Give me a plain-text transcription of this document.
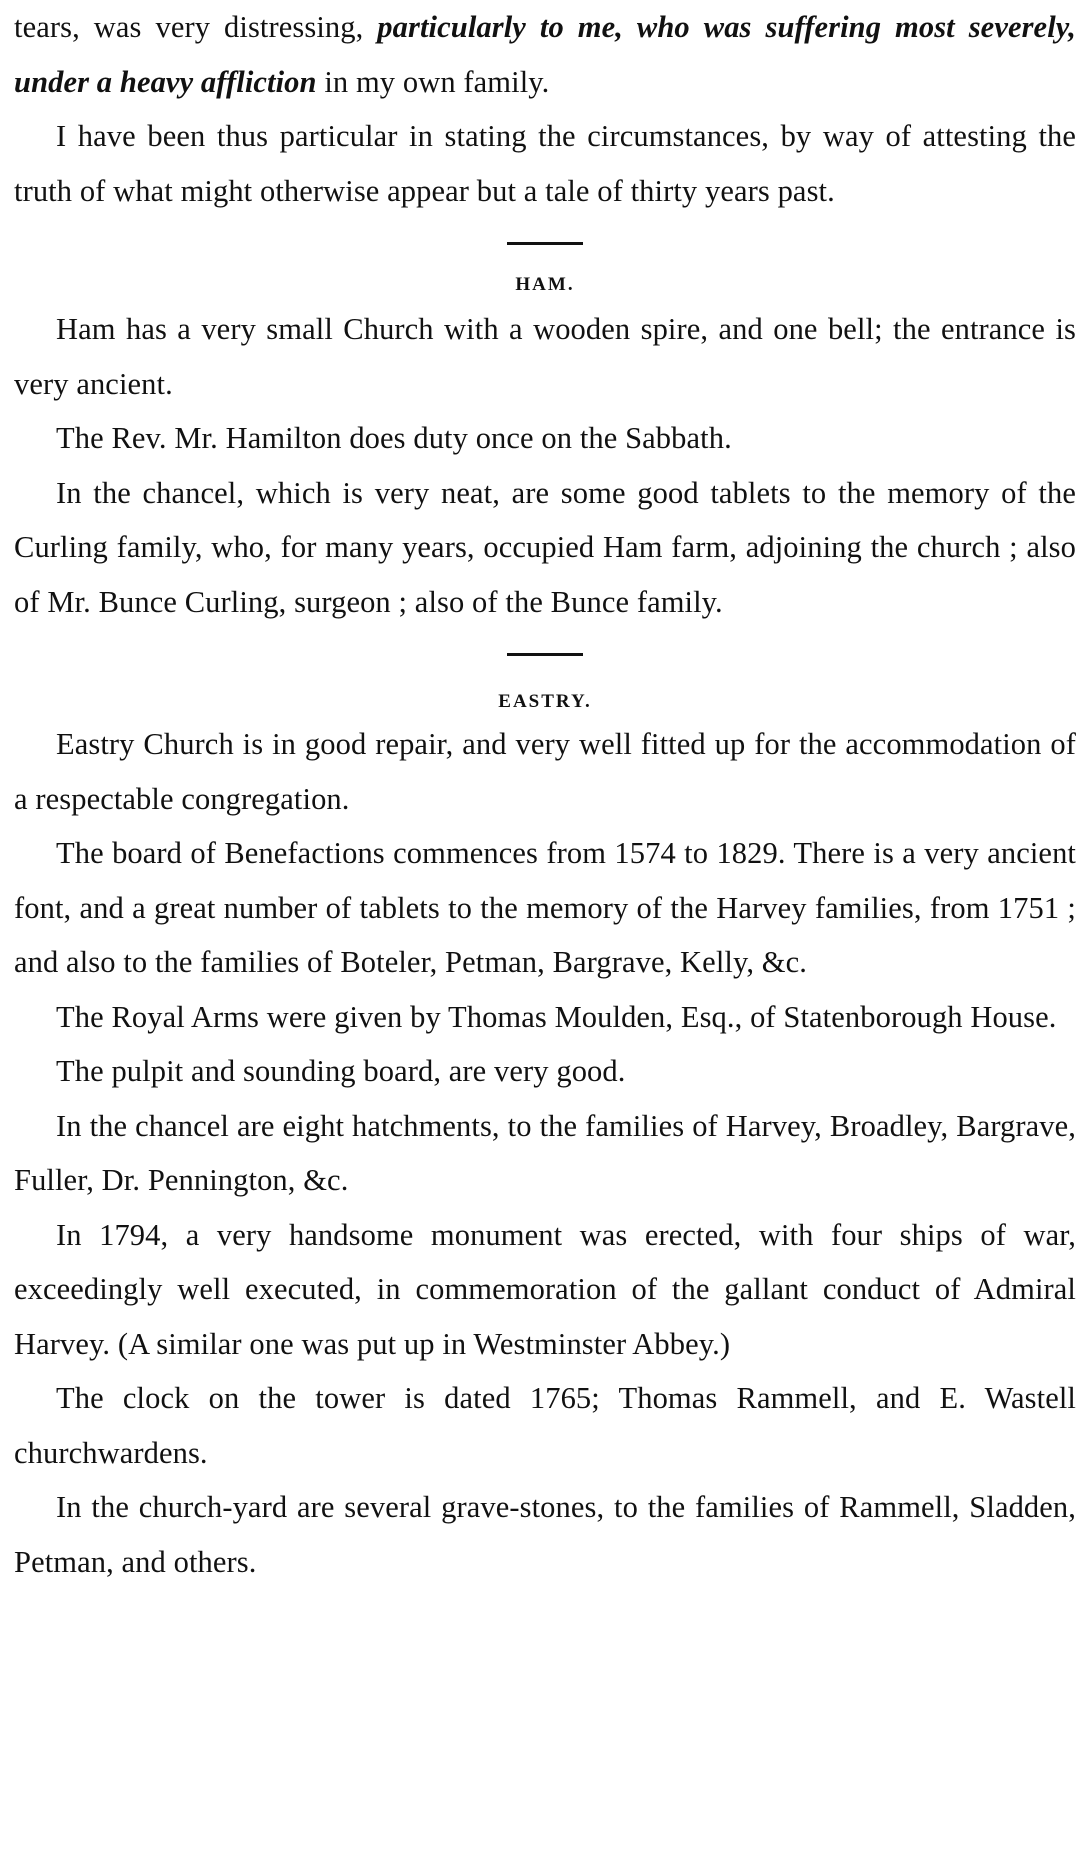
tears, was very distressing, particularly to me, who was suffering most severely, under a heavy affliction in my own family.

I have been thus particular in stating the circumstances, by way of attesting the truth of what might otherwise appear but a tale of thirty years past.

HAM.

Ham has a very small Church with a wooden spire, and one bell; the entrance is very ancient.

The Rev. Mr. Hamilton does duty once on the Sabbath.

In the chancel, which is very neat, are some good tablets to the memory of the Curling family, who, for many years, occupied Ham farm, adjoining the church ; also of Mr. Bunce Curling, surgeon ; also of the Bunce family.

EASTRY.

Eastry Church is in good repair, and very well fitted up for the accommodation of a respectable congregation.

The board of Benefactions commences from 1574 to 1829. There is a very ancient font, and a great number of tablets to the memory of the Harvey families, from 1751 ; and also to the families of Boteler, Petman, Bargrave, Kelly, &c.

The Royal Arms were given by Thomas Moulden, Esq., of Statenborough House.

The pulpit and sounding board, are very good.

In the chancel are eight hatchments, to the families of Harvey, Broadley, Bargrave, Fuller, Dr. Pennington, &c.

In 1794, a very handsome monument was erected, with four ships of war, exceedingly well executed, in commemoration of the gallant conduct of Admiral Harvey. (A similar one was put up in Westminster Abbey.)

The clock on the tower is dated 1765; Thomas Rammell, and E. Wastell churchwardens.

In the church-yard are several grave-stones, to the families of Rammell, Sladden, Petman, and others.
